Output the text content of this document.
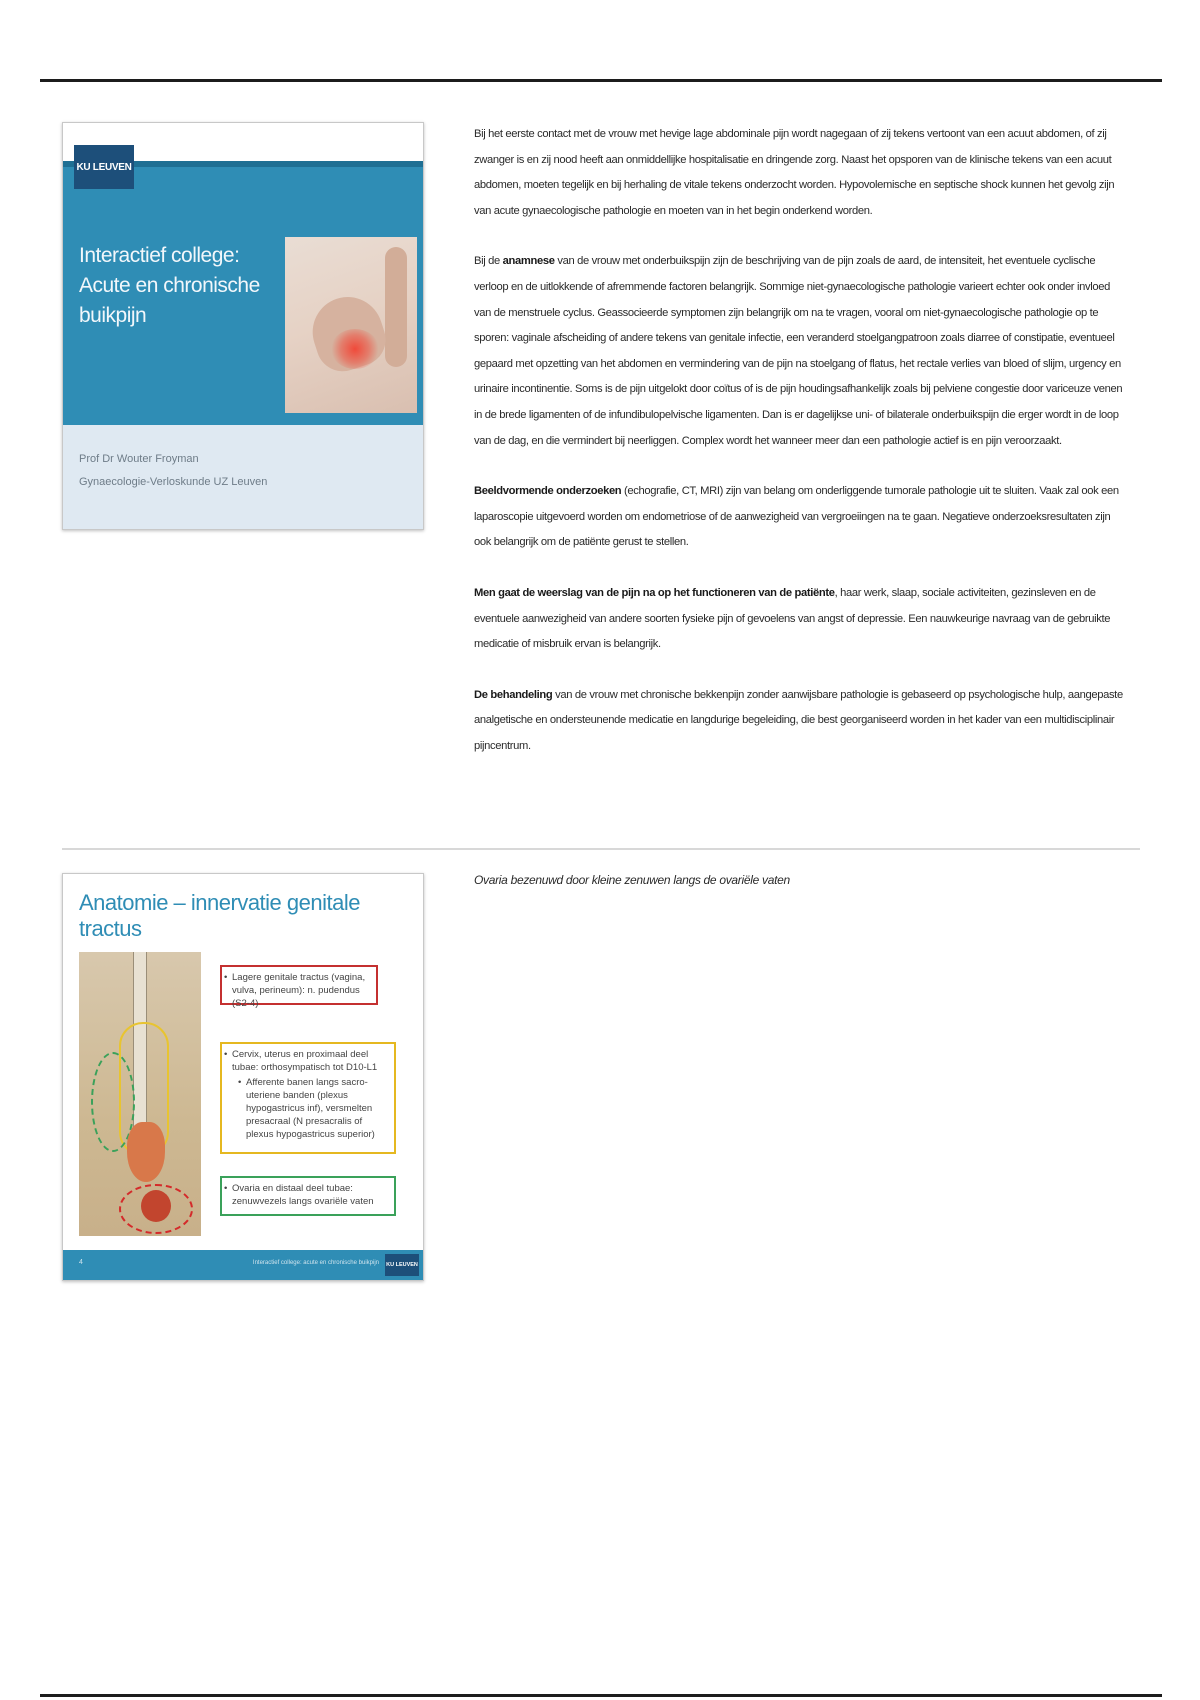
KU LEUVEN
Interactief college:
Acute en chronische buikpijn
Prof Dr Wouter Froyman
Gynaecologie-Verloskunde UZ Leuven

Bij het eerste contact met de vrouw met hevige lage abdominale pijn wordt nagegaan of zij tekens vertoont van een acuut abdomen, of zij zwanger is en zij nood heeft aan onmiddellijke hospitalisatie en dringende zorg. Naast het opsporen van de klinische tekens van een acuut abdomen, moeten tegelijk en bij herhaling de vitale tekens onderzocht worden. Hypovolemische en septische shock kunnen het gevolg zijn van acute gynaecologische pathologie en moeten van in het begin onderkend worden.

Bij de anamnese van de vrouw met onderbuikspijn zijn de beschrijving van de pijn zoals de aard, de intensiteit, het eventuele cyclische verloop en de uitlokkende of afremmende factoren belangrijk. Sommige niet-gynaecologische pathologie varieert echter ook onder invloed van de menstruele cyclus. Geassocieerde symptomen zijn belangrijk om na te vragen, vooral om niet-gynaecologische pathologie op te sporen: vaginale afscheiding of andere tekens van genitale infectie, een veranderd stoelgangpatroon zoals diarree of constipatie, eventueel gepaard met opzetting van het abdomen en vermindering van de pijn na stoelgang of flatus, het rectale verlies van bloed of slijm, urgency en urinaire incontinentie. Soms is de pijn uitgelokt door coïtus of is de pijn houdingsafhankelijk zoals bij pelviene congestie door variceuze venen in de brede ligamenten of de infundibulopelvische ligamenten. Dan is er dagelijkse uni- of bilaterale onderbuikspijn die erger wordt in de loop van de dag, en die vermindert bij neerliggen. Complex wordt het wanneer meer dan een pathologie actief is en pijn veroorzaakt.

Beeldvormende onderzoeken (echografie, CT, MRI) zijn van belang om onderliggende tumorale pathologie uit te sluiten. Vaak zal ook een laparoscopie uitgevoerd worden om endometriose of de aanwezigheid van vergroeiingen na te gaan. Negatieve onderzoeksresultaten zijn ook belangrijk om de patiënte gerust te stellen.

Men gaat de weerslag van de pijn na op het functioneren van de patiënte, haar werk, slaap, sociale activiteiten, gezinsleven en de eventuele aanwezigheid van andere soorten fysieke pijn of gevoelens van angst of depressie. Een nauwkeurige navraag van de gebruikte medicatie of misbruik ervan is belangrijk.

De behandeling van de vrouw met chronische bekkenpijn zonder aanwijsbare pathologie is gebaseerd op psychologische hulp, aangepaste analgetische en ondersteunende medicatie en langdurige begeleiding, die best georganiseerd worden in het kader van een multidisciplinair pijncentrum.

Anatomie – innervatie genitale tractus
• Lagere genitale tractus (vagina, vulva, perineum): n. pudendus (S2-4)
• Cervix, uterus en proximaal deel tubae: orthosympatisch tot D10-L1
• Afferente banen langs sacro-uteriene banden (plexus hypogastricus inf), versmelten presacraal (N presacralis of plexus hypogastricus superior)
• Ovaria en distaal deel tubae: zenuwvezels langs ovariële vaten
4	Interactief college: acute en chronische buikpijn KU LEUVEN
Ovaria bezenuwd door kleine zenuwen langs de ovariële vaten
